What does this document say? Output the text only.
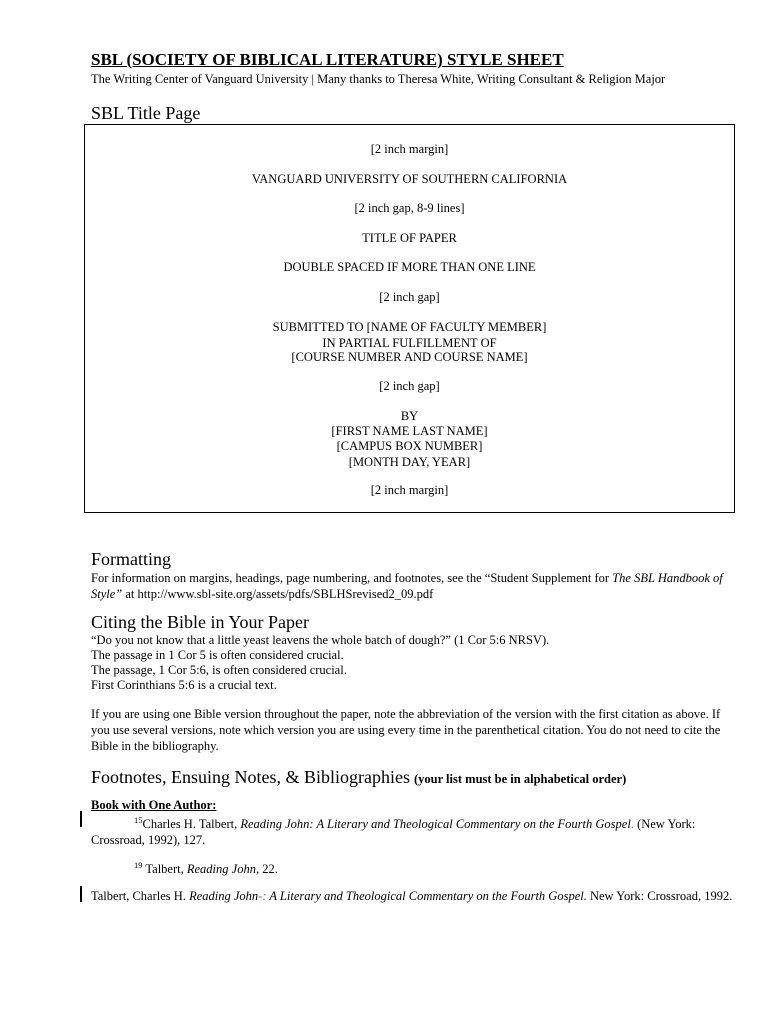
SBL (SOCIETY OF BIBLICAL LITERATURE) STYLE SHEET
The Writing Center of Vanguard University | Many thanks to Theresa White, Writing Consultant & Religion Major
SBL Title Page
[2 inch margin]
VANGUARD UNIVERSITY OF SOUTHERN CALIFORNIA
[2 inch gap, 8-9 lines]
TITLE OF PAPER
DOUBLE SPACED IF MORE THAN ONE LINE
[2 inch gap]
SUBMITTED TO [NAME OF FACULTY MEMBER]
IN PARTIAL FULFILLMENT OF
[COURSE NUMBER AND COURSE NAME]
[2 inch gap]
BY
[FIRST NAME LAST NAME]
[CAMPUS BOX NUMBER]
[MONTH DAY, YEAR]
[2 inch margin]
Formatting
For information on margins, headings, page numbering, and footnotes, see the “Student Supplement for The SBL Handbook of Style” at http://www.sbl-site.org/assets/pdfs/SBLHSrevised2_09.pdf
Citing the Bible in Your Paper
“Do you not know that a little yeast leavens the whole batch of dough?” (1 Cor 5:6 NRSV).
The passage in 1 Cor 5 is often considered crucial.
The passage, 1 Cor 5:6, is often considered crucial.
First Corinthians 5:6 is a crucial text.
If you are using one Bible version throughout the paper, note the abbreviation of the version with the first citation as above. If you use several versions, note which version you are using every time in the parenthetical citation. You do not need to cite the Bible in the bibliography.
Footnotes, Ensuing Notes, & Bibliographies (your list must be in alphabetical order)
Book with One Author:
$^{15}$Charles H. Talbert, Reading John: A Literary and Theological Commentary on the Fourth Gospel. (New York: Crossroad, 1992), 127.
$^{19}$ Talbert, Reading John, 22.
Talbert, Charles H. Reading John-: A Literary and Theological Commentary on the Fourth Gospel. New York: Crossroad, 1992.
